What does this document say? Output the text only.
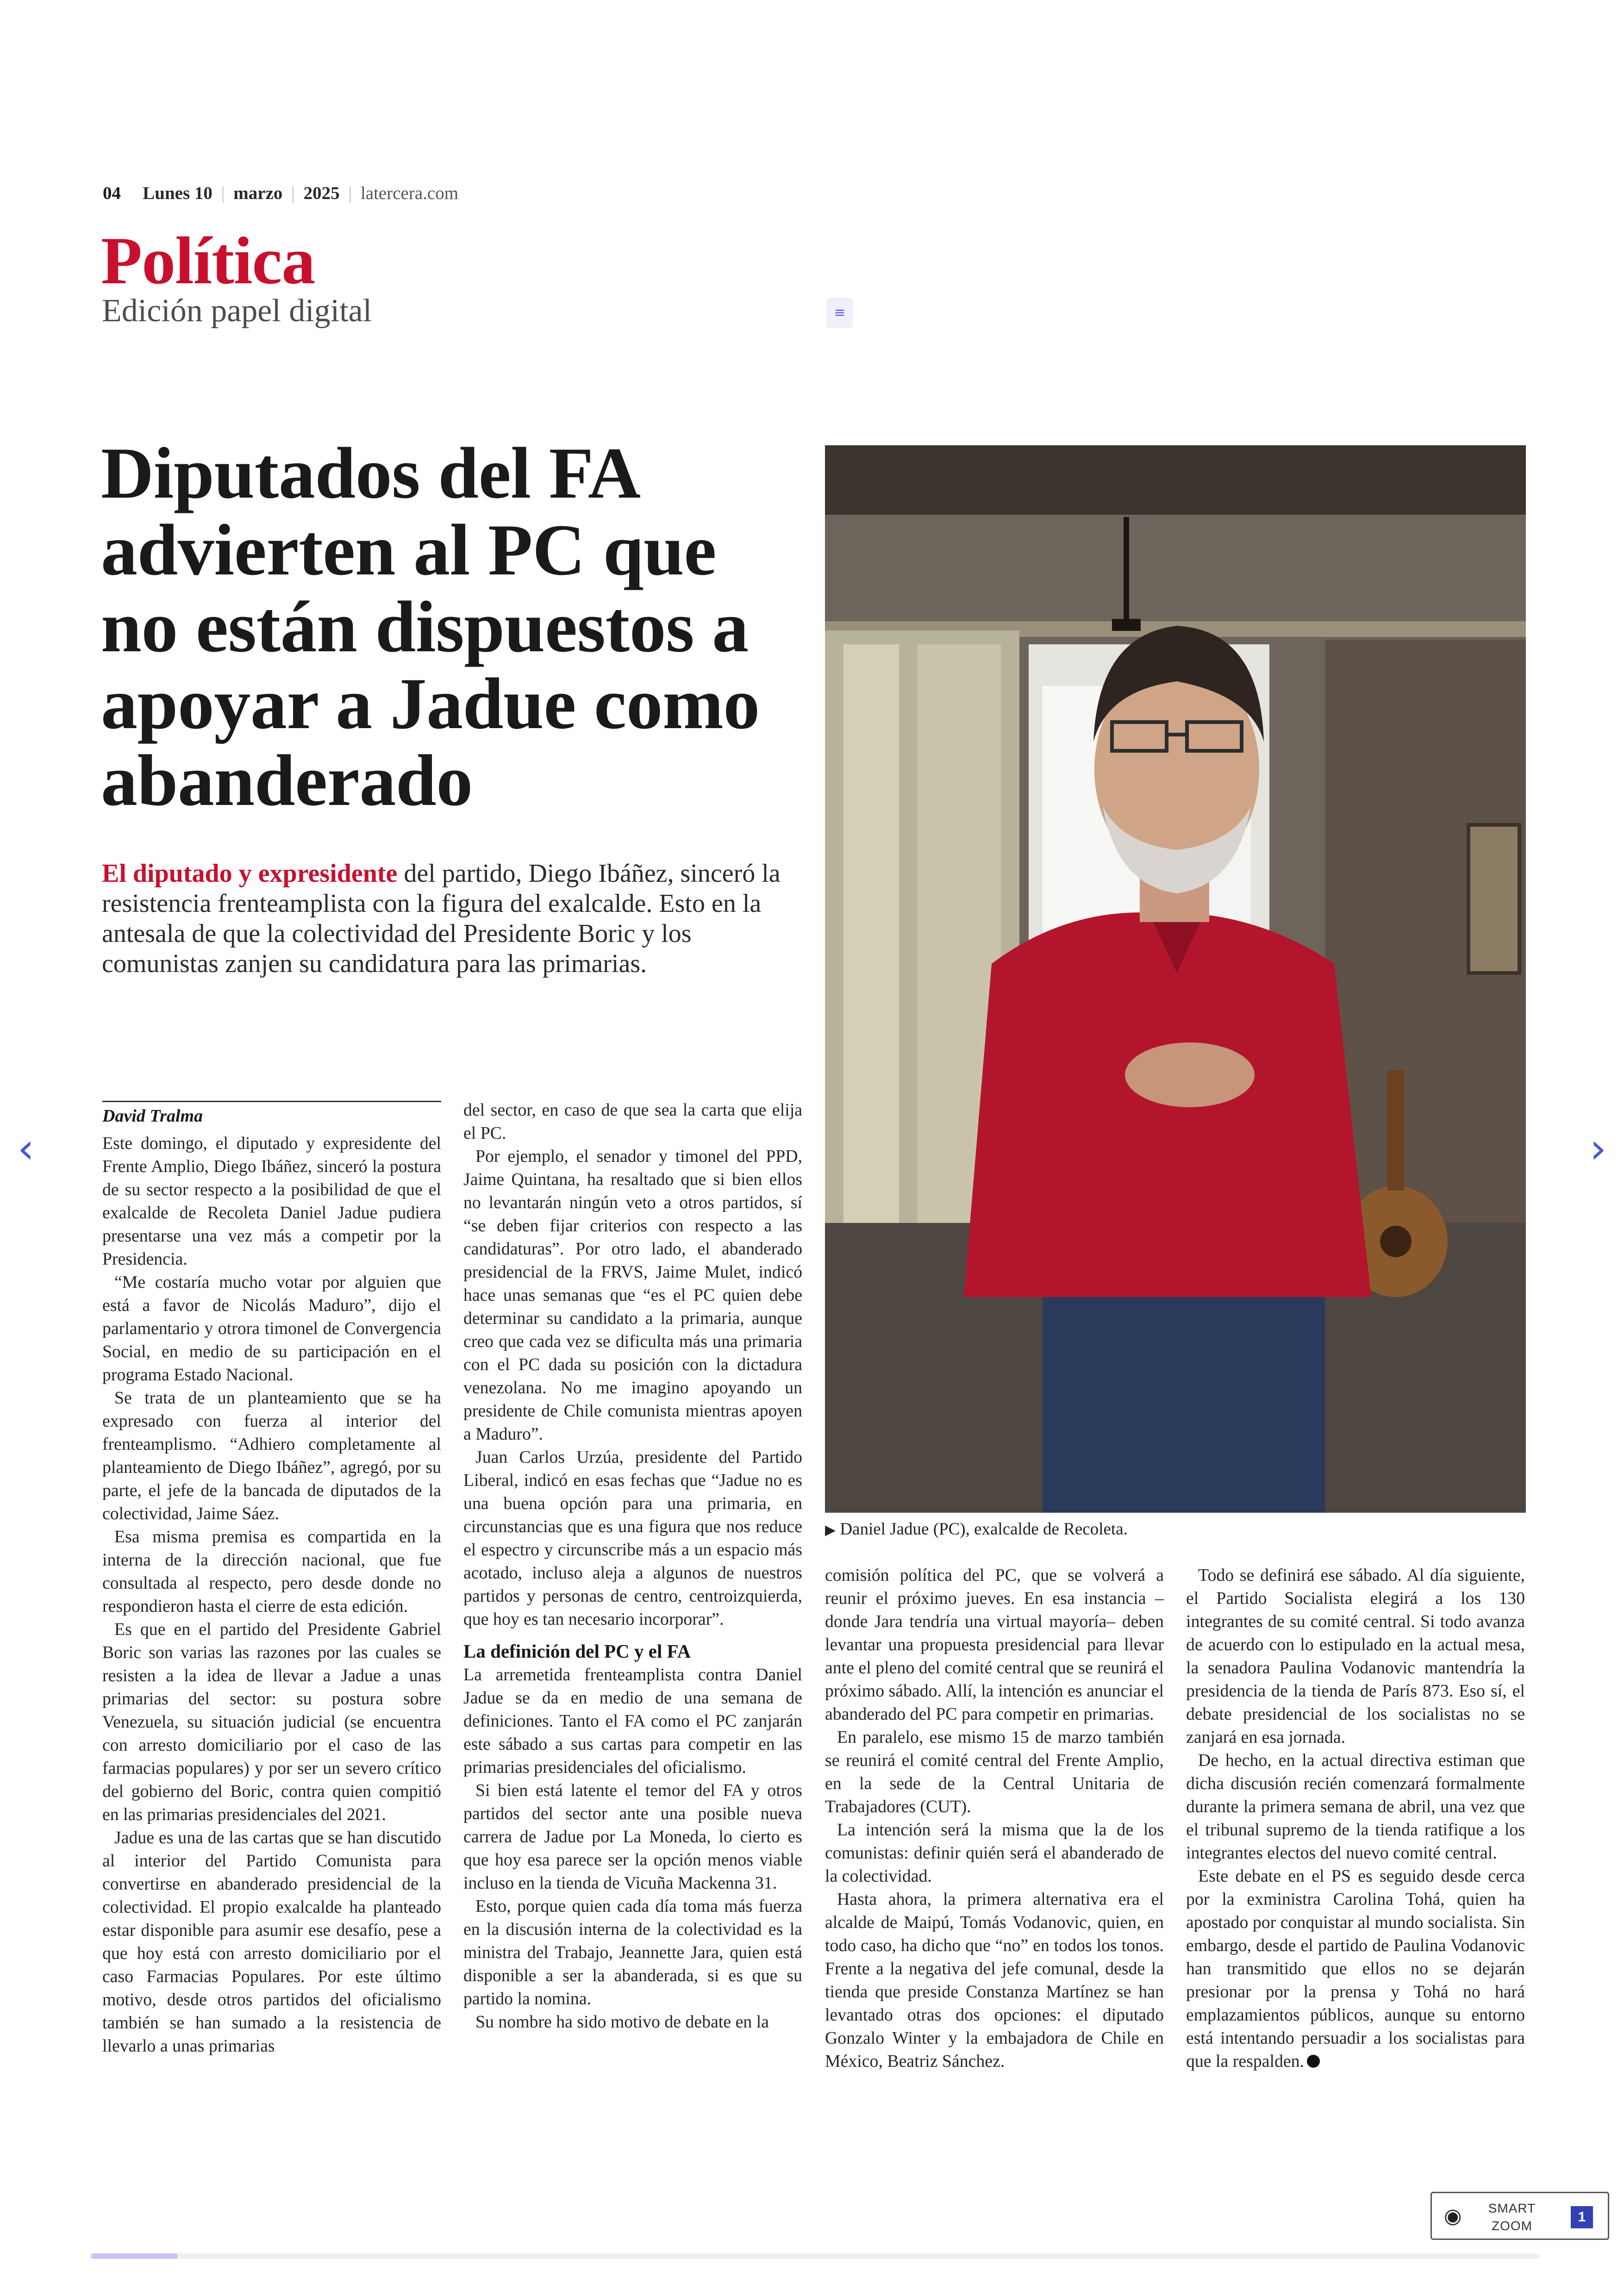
04 Lunes 10 | marzo | 2025 | latercera.com
Política
Edición papel digital	≡
Diputados del FA advierten al PC que no están dispuestos a apoyar a Jadue como abanderado

El diputado y expresidente del partido, Diego Ibáñez, sinceró la resistencia frenteamplista con la figura del exalcalde. Esto en la antesala de que la colectividad del Presidente Boric y los comunistas zanjen su candidatura para las primarias.

▶ Daniel Jadue (PC), exalcalde de Recoleta.
David Tralma

Este domingo, el diputado y expresidente del Frente Amplio, Diego Ibáñez, sinceró la postura de su sector respecto a la posibilidad de que el exalcalde de Recoleta Daniel Jadue pudiera presentarse una vez más a competir por la Presidencia.

“Me costaría mucho votar por alguien que está a favor de Nicolás Maduro”, dijo el parlamentario y otrora timonel de Convergencia Social, en medio de su participación en el programa Estado Nacional.

Se trata de un planteamiento que se ha expresado con fuerza al interior del frenteamplismo. “Adhiero completamente al planteamiento de Diego Ibáñez”, agregó, por su parte, el jefe de la bancada de diputados de la colectividad, Jaime Sáez.

Esa misma premisa es compartida en la interna de la dirección nacional, que fue consultada al respecto, pero desde donde no respondieron hasta el cierre de esta edición.

Es que en el partido del Presidente Gabriel Boric son varias las razones por las cuales se resisten a la idea de llevar a Jadue a unas primarias del sector: su postura sobre Venezuela, su situación judicial (se encuentra con arresto domiciliario por el caso de las farmacias populares) y por ser un severo crítico del gobierno del Boric, contra quien compitió en las primarias presidenciales del 2021.

Jadue es una de las cartas que se han discutido al interior del Partido Comunista para convertirse en abanderado presidencial de la colectividad. El propio exalcalde ha planteado estar disponible para asumir ese desafío, pese a que hoy está con arresto domiciliario por el caso Farmacias Populares. Por este último motivo, desde otros partidos del oficialismo también se han sumado a la resistencia de llevarlo a unas primarias

del sector, en caso de que sea la carta que elija el PC.

Por ejemplo, el senador y timonel del PPD, Jaime Quintana, ha resaltado que si bien ellos no levantarán ningún veto a otros partidos, sí “se deben fijar criterios con respecto a las candidaturas”. Por otro lado, el abanderado presidencial de la FRVS, Jaime Mulet, indicó hace unas semanas que “es el PC quien debe determinar su candidato a la primaria, aunque creo que cada vez se dificulta más una primaria con el PC dada su posición con la dictadura venezolana. No me imagino apoyando un presidente de Chile comunista mientras apoyen a Maduro”.

Juan Carlos Urzúa, presidente del Partido Liberal, indicó en esas fechas que “Jadue no es una buena opción para una primaria, en circunstancias que es una figura que nos reduce el espectro y circunscribe más a un espacio más acotado, incluso aleja a algunos de nuestros partidos y personas de centro, centroizquierda, que hoy es tan necesario incorporar”.

La definición del PC y el FA

La arremetida frenteamplista contra Daniel Jadue se da en medio de una semana de definiciones. Tanto el FA como el PC zanjarán este sábado a sus cartas para competir en las primarias presidenciales del oficialismo.

Si bien está latente el temor del FA y otros partidos del sector ante una posible nueva carrera de Jadue por La Moneda, lo cierto es que hoy esa parece ser la opción menos viable incluso en la tienda de Vicuña Mackenna 31.

Esto, porque quien cada día toma más fuerza en la discusión interna de la colectividad es la ministra del Trabajo, Jeannette Jara, quien está disponible a ser la abanderada, si es que su partido la nomina.

Su nombre ha sido motivo de debate en la

comisión política del PC, que se volverá a reunir el próximo jueves. En esa instancia –donde Jara tendría una virtual mayoría– deben levantar una propuesta presidencial para llevar ante el pleno del comité central que se reunirá el próximo sábado. Allí, la intención es anunciar el abanderado del PC para competir en primarias.

En paralelo, ese mismo 15 de marzo también se reunirá el comité central del Frente Amplio, en la sede de la Central Unitaria de Trabajadores (CUT).

La intención será la misma que la de los comunistas: definir quién será el abanderado de la colectividad.

Hasta ahora, la primera alternativa era el alcalde de Maipú, Tomás Vodanovic, quien, en todo caso, ha dicho que “no” en todos los tonos. Frente a la negativa del jefe comunal, desde la tienda que preside Constanza Martínez se han levantado otras dos opciones: el diputado Gonzalo Winter y la embajadora de Chile en México, Beatriz Sánchez.

Todo se definirá ese sábado. Al día siguiente, el Partido Socialista elegirá a los 130 integrantes de su comité central. Si todo avanza de acuerdo con lo estipulado en la actual mesa, la senadora Paulina Vodanovic mantendría la presidencia de la tienda de París 873. Eso sí, el debate presidencial de los socialistas no se zanjará en esa jornada.

De hecho, en la actual directiva estiman que dicha discusión recién comenzará formalmente durante la primera semana de abril, una vez que el tribunal supremo de la tienda ratifique a los integrantes electos del nuevo comité central.

Este debate en el PS es seguido desde cerca por la exministra Carolina Tohá, quien ha apostado por conquistar al mundo socialista. Sin embargo, desde el partido de Paulina Vodanovic han transmitido que ellos no se dejarán presionar por la prensa y Tohá no hará emplazamientos públicos, aunque su entorno está intentando persuadir a los socialistas para que la respalden.

‹	›
◉ SMART ZOOM
1
